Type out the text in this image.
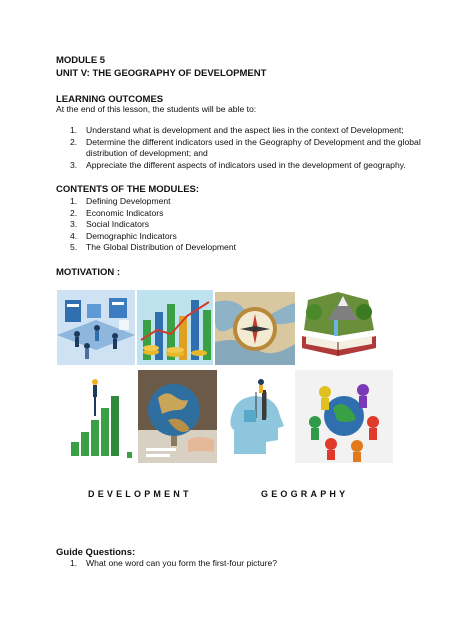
MODULE 5

UNIT V: THE GEOGRAPHY OF DEVELOPMENT

LEARNING OUTCOMES

At the end of this lesson, the students will be able to:

1. Understand what is development and the aspect lies in the context of Development;
2. Determine the different indicators used in the Geography of Development and the global distribution of development; and
3. Appreciate the different aspects of indicators used in the development of geography.

CONTENTS OF THE MODULES:

1. Defining Development
2. Economic Indicators
3. Social Indicators
4. Demographic Indicators
5. The Global Distribution of Development

MOTIVATION :

DEVELOPMENT	GEOGRAPHY

Guide Questions:

1. What one word can you form the first-four picture?
